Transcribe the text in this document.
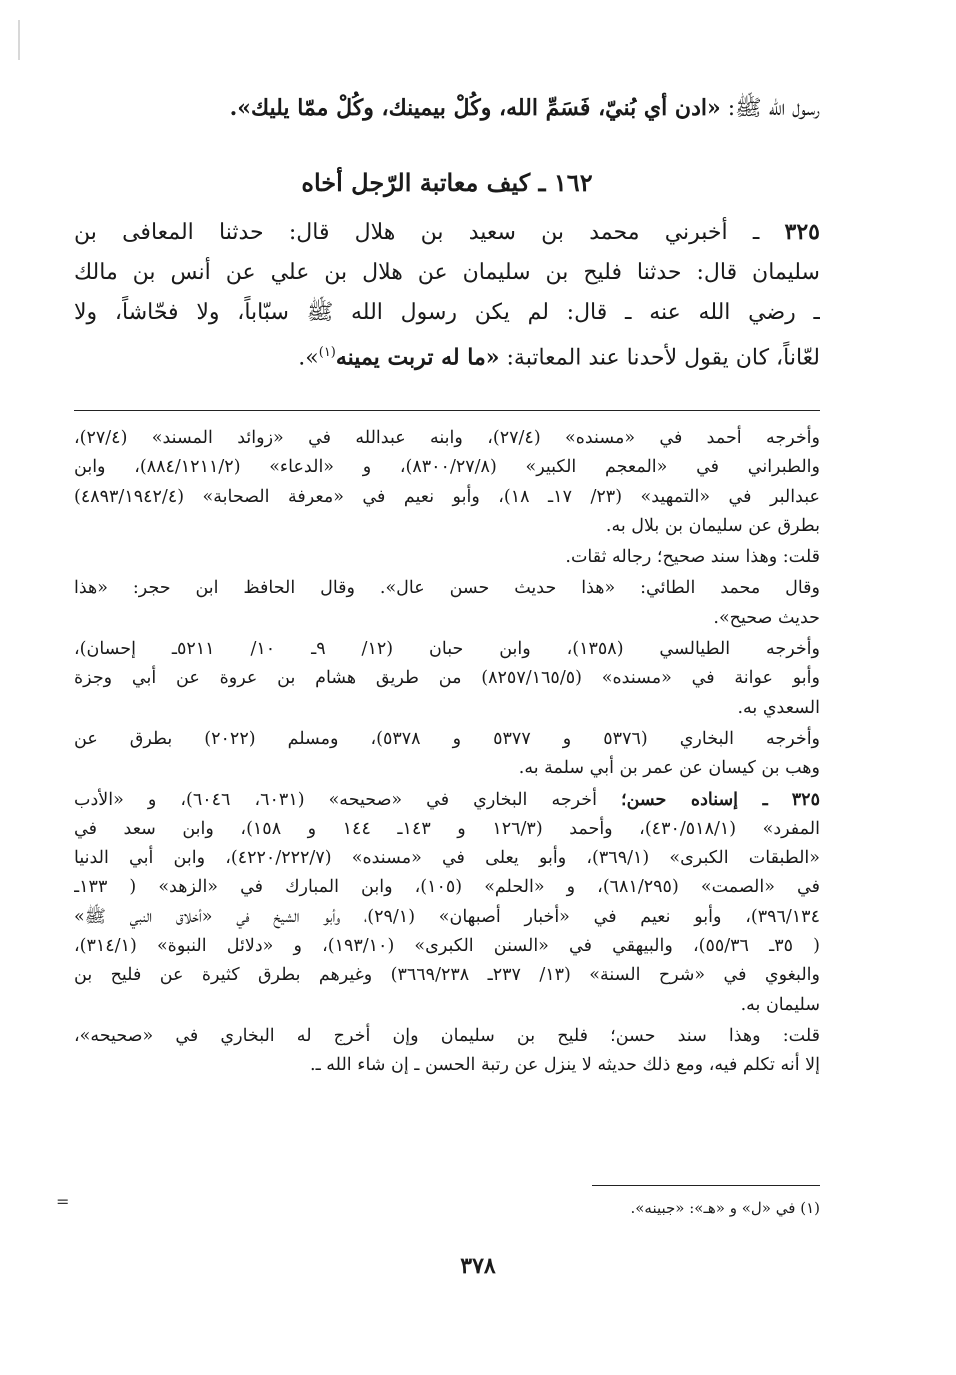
رسول الله ﷺ: «ادن أي بُنيّ، فَسَمِّ الله، وكُلْ بيمينك، وكُلْ ممّا يليك».
١٦٢ ـ كيف معاتبة الرّجل أخاه
٣٢٥ ـ أخبرني محمد بن سعيد بن هلال قال: حدثنا المعافى بن
سليمان قال: حدثنا فليح بن سليمان عن هلال بن علي عن أنس بن مالك
ـ رضي الله عنه ـ قال: لم يكن رسول الله ﷺ سبّاباً، ولا فحّاشاً، ولا
لعّاناً، كان يقول لأحدنا عند المعاتبة: «ما له تربت يمينه$^{(١)}$».
وأخرجه أحمد في «مسنده» (٢٧/٤)، وابنه عبدالله في «زوائد المسند» (٢٧/٤)،
والطبراني في «المعجم الكبير» (٨٣٠٠/٢٧/٨)، و «الدعاء» (٨٨٤/١٢١١/٢)، وابن
عبدالبر في «التمهيد» (٢٣/ ١٧ـ ١٨)، وأبو نعيم في «معرفة الصحابة» (٤٨٩٣/١٩٤٢/٤)
بطرق عن سليمان بن بلال به.
قلت: وهذا سند صحيح؛ رجاله ثقات.
وقال محمد الطائي: «هذا حديث حسن عال». وقال الحافظ ابن حجر: «هذا
حديث صحيح».
وأخرجه الطيالسي (١٣٥٨)، وابن حبان (١٢/ ٩ـ ١٠/ ٥٢١١ـ إحسان)،
وأبو عوانة في «مسنده» (٨٢٥٧/١٦٥/٥) من طريق هشام بن عروة عن أبي وجزة
السعدي به.
وأخرجه البخاري (٥٣٧٦ و ٥٣٧٧ و ٥٣٧٨)، ومسلم (٢٠٢٢) بطرق عن
وهب بن كيسان عن عمر بن أبي سلمة به.
٣٢٥ ـ إسناده حسن؛ أخرجه البخاري في «صحيحه» (٦٠٣١، ٦٠٤٦)، و «الأدب
المفرد» (٤٣٠/٥١٨/١)، وأحمد (١٢٦/٣ و ١٤٣ـ ١٤٤ و ١٥٨)، وابن سعد في
«الطبقات الكبرى» (٣٦٩/١)، وأبو يعلى في «مسنده» (٤٢٢٠/٢٢٢/٧)، وابن أبي الدنيا
في «الصمت» (٦٨١/٢٩٥)، و «الحلم» (١٠٥)، وابن المبارك في «الزهد» ( ١٣٣ـ
٣٩٦/١٣٤)، وأبو نعيم في «أخبار أصبهان» (٢٩/١)، وأبو الشيخ في «أخلاق النبي ﷺ»
( ٣٥ـ ٥٥/٣٦)، والبيهقي في «السنن الكبرى» (١٩٣/١٠)، و «دلائل النبوة» (٣١٤/١)،
والبغوي في «شرح السنة» (١٣/ ٢٣٧ـ ٣٦٦٩/٢٣٨) وغيرهم بطرق كثيرة عن فليح بن
سليمان به.
قلت: وهذا سند حسن؛ فليح بن سليمان وإن أخرج له البخاري في «صحيحه»،
إلا أنه تكلم فيه، ومع ذلك حديثه لا ينزل عن رتبة الحسن ـ إن شاء الله ـ.
(١) في «ل» و «هـ»: «جبينه».
=
٣٧٨
